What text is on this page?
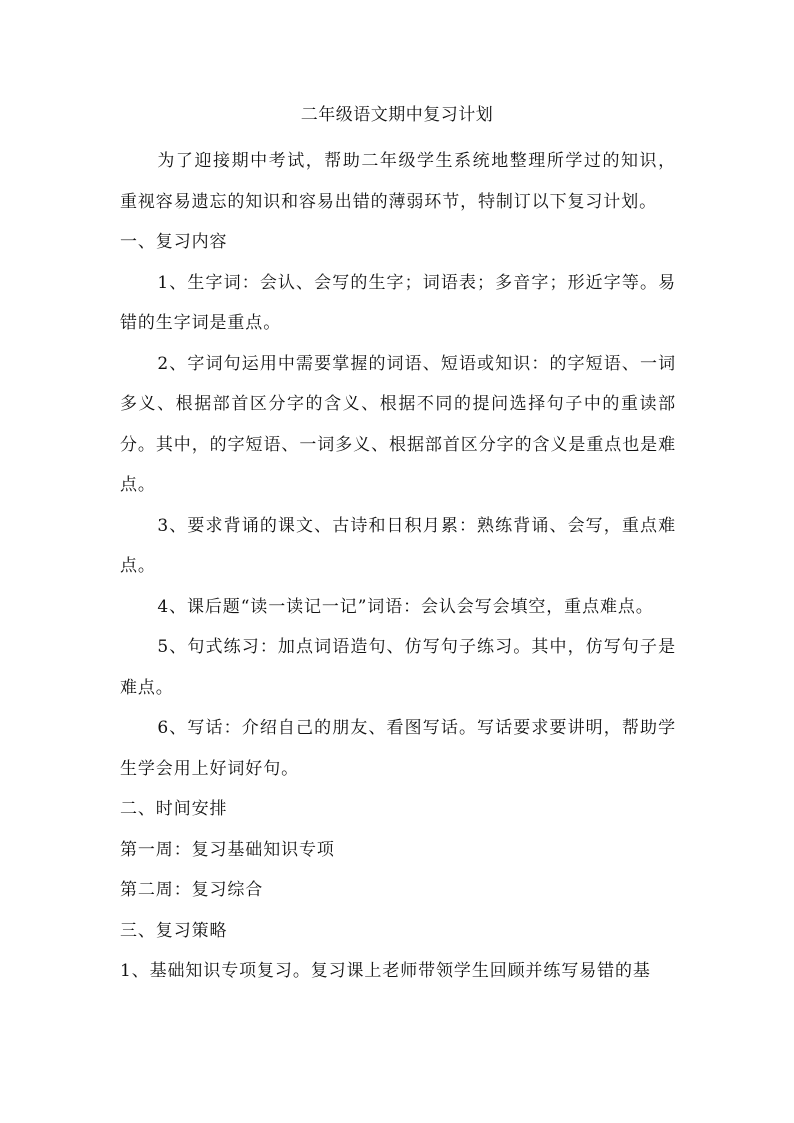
二年级语文期中复习计划

为了迎接期中考试，帮助二年级学生系统地整理所学过的知识，重视容易遗忘的知识和容易出错的薄弱环节，特制订以下复习计划。

一、复习内容

1、生字词：会认、会写的生字；词语表；多音字；形近字等。易错的生字词是重点。

2、字词句运用中需要掌握的词语、短语或知识：的字短语、一词多义、根据部首区分字的含义、根据不同的提问选择句子中的重读部分。其中，的字短语、一词多义、根据部首区分字的含义是重点也是难点。

3、要求背诵的课文、古诗和日积月累：熟练背诵、会写，重点难点。

4、课后题“读一读记一记”词语：会认会写会填空，重点难点。

5、句式练习：加点词语造句、仿写句子练习。其中，仿写句子是难点。

6、写话：介绍自己的朋友、看图写话。写话要求要讲明，帮助学生学会用上好词好句。

二、时间安排

第一周：复习基础知识专项

第二周：复习综合

三、复习策略

1、基础知识专项复习。复习课上老师带领学生回顾并练写易错的基
